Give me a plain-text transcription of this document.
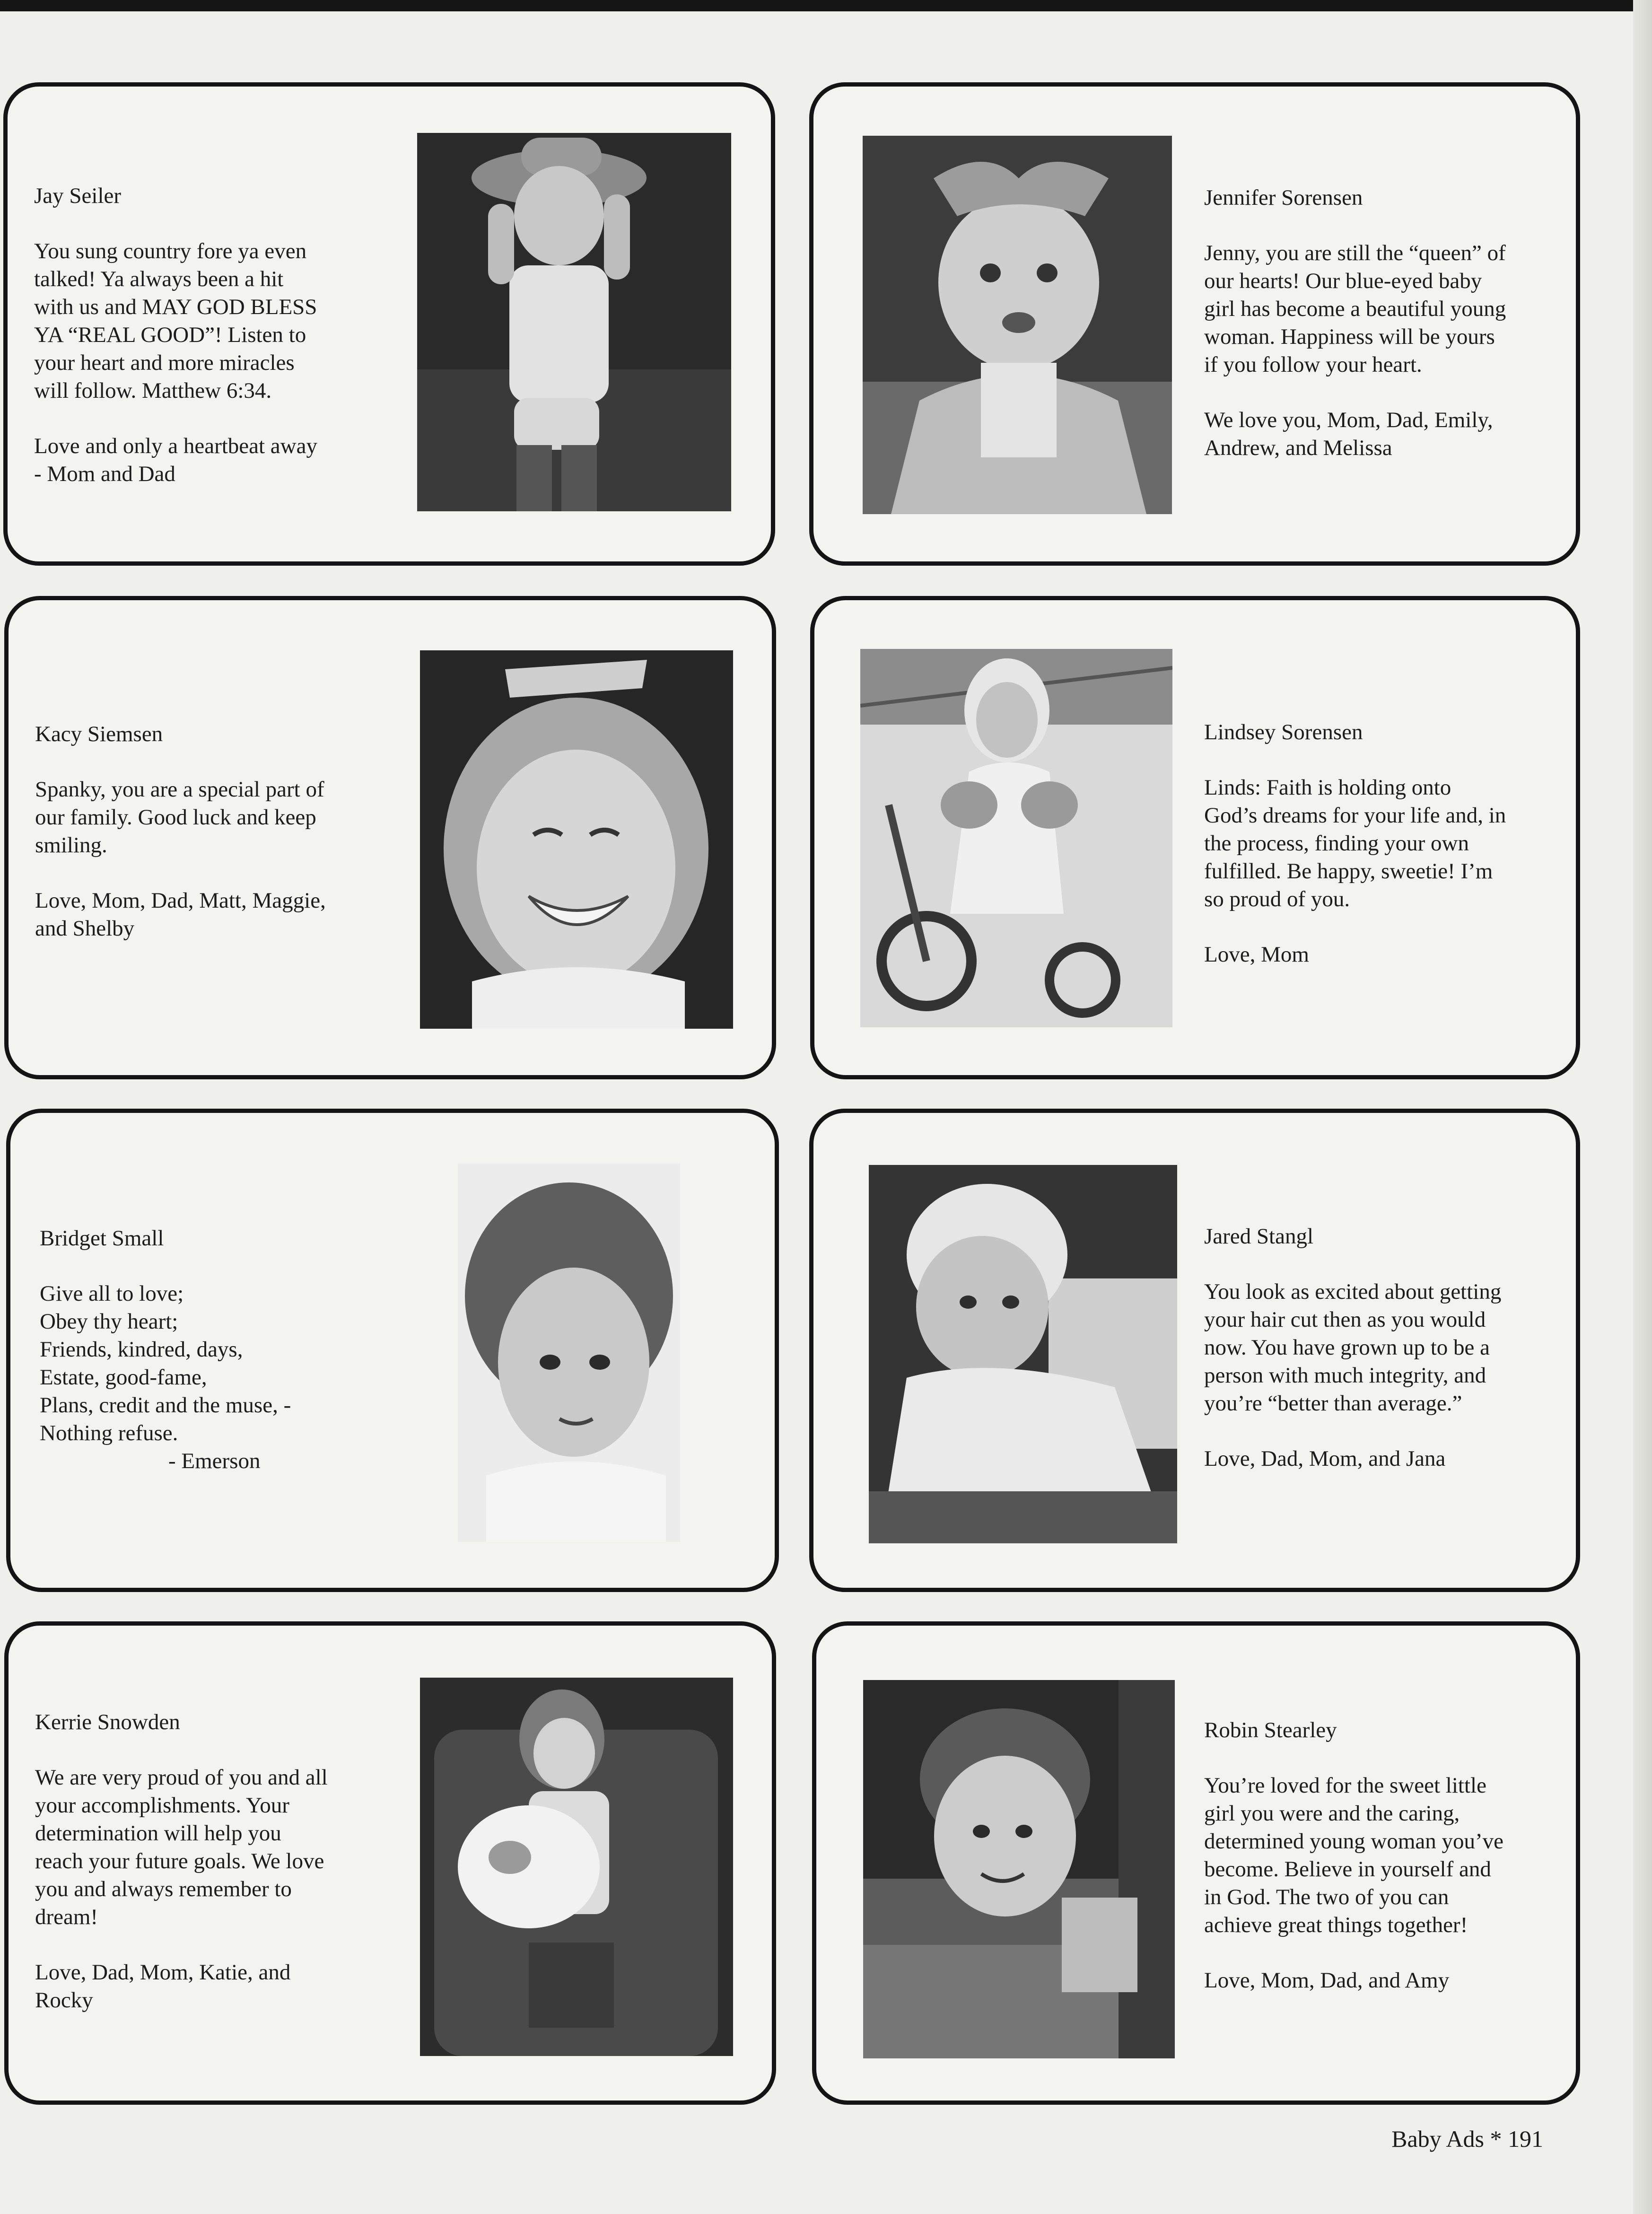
Jay Seiler
You sung country fore ya even
talked! Ya always been a hit
with us and MAY GOD BLESS
YA “REAL GOOD”! Listen to
your heart and more miracles
will follow. Matthew 6:34.
Love and only a heartbeat away
- Mom and Dad
Jennifer Sorensen
Jenny, you are still the “queen” of
our hearts! Our blue-eyed baby
girl has become a beautiful young
woman. Happiness will be yours
if you follow your heart.
We love you, Mom, Dad, Emily,
Andrew, and Melissa
Kacy Siemsen
Spanky, you are a special part of
our family. Good luck and keep
smiling.
Love, Mom, Dad, Matt, Maggie,
and Shelby
Lindsey Sorensen
Linds: Faith is holding onto
God’s dreams for your life and, in
the process, finding your own
fulfilled. Be happy, sweetie! I’m
so proud of you.
Love, Mom
Bridget Small
Give all to love;
Obey thy heart;
Friends, kindred, days,
Estate, good-fame,
Plans, credit and the muse, -
Nothing refuse.
- Emerson
Jared Stangl
You look as excited about getting
your hair cut then as you would
now. You have grown up to be a
person with much integrity, and
you’re “better than average.”
Love, Dad, Mom, and Jana
Kerrie Snowden
We are very proud of you and all
your accomplishments. Your
determination will help you
reach your future goals. We love
you and always remember to
dream!
Love, Dad, Mom, Katie, and
Rocky
Robin Stearley
You’re loved for the sweet little
girl you were and the caring,
determined young woman you’ve
become. Believe in yourself and
in God. The two of you can
achieve great things together!
Love, Mom, Dad, and Amy
Baby Ads * 191
